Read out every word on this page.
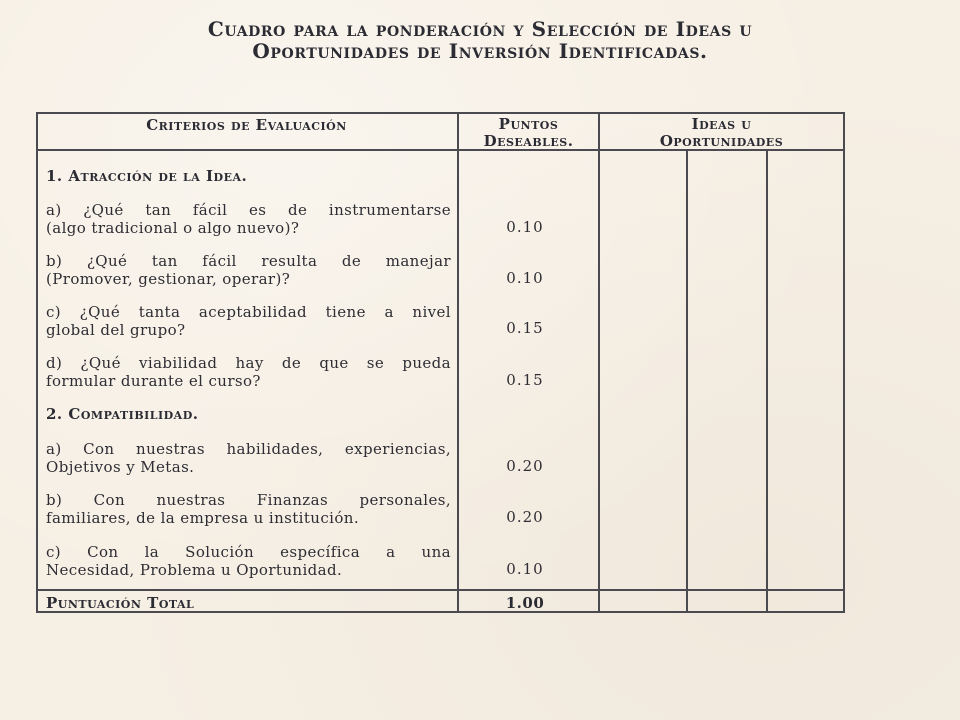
Cuadro para la ponderación y Selección de Ideas u
Oportunidades de Inversión Identificadas.
Criterios de Evaluación	Puntos
Deseables.
Ideas u
Oportunidades
1. Atracción de la Idea.
a) ¿Qué tan fácil es de instrumentarse
(algo tradicional o algo nuevo)?	0.10
b) ¿Qué tan fácil resulta de manejar
(Promover, gestionar, operar)?	0.10
c) ¿Qué tanta aceptabilidad tiene a nivel
global del grupo?	0.15
d) ¿Qué viabilidad hay de que se pueda
formular durante el curso?	0.15
2. Compatibilidad.
a) Con nuestras habilidades, experiencias,
Objetivos y Metas.	0.20
b) Con nuestras Finanzas personales,
familiares, de la empresa u institución.	0.20
c) Con la Solución específica a una
Necesidad, Problema u Oportunidad.	0.10
Puntuación Total	1.00
